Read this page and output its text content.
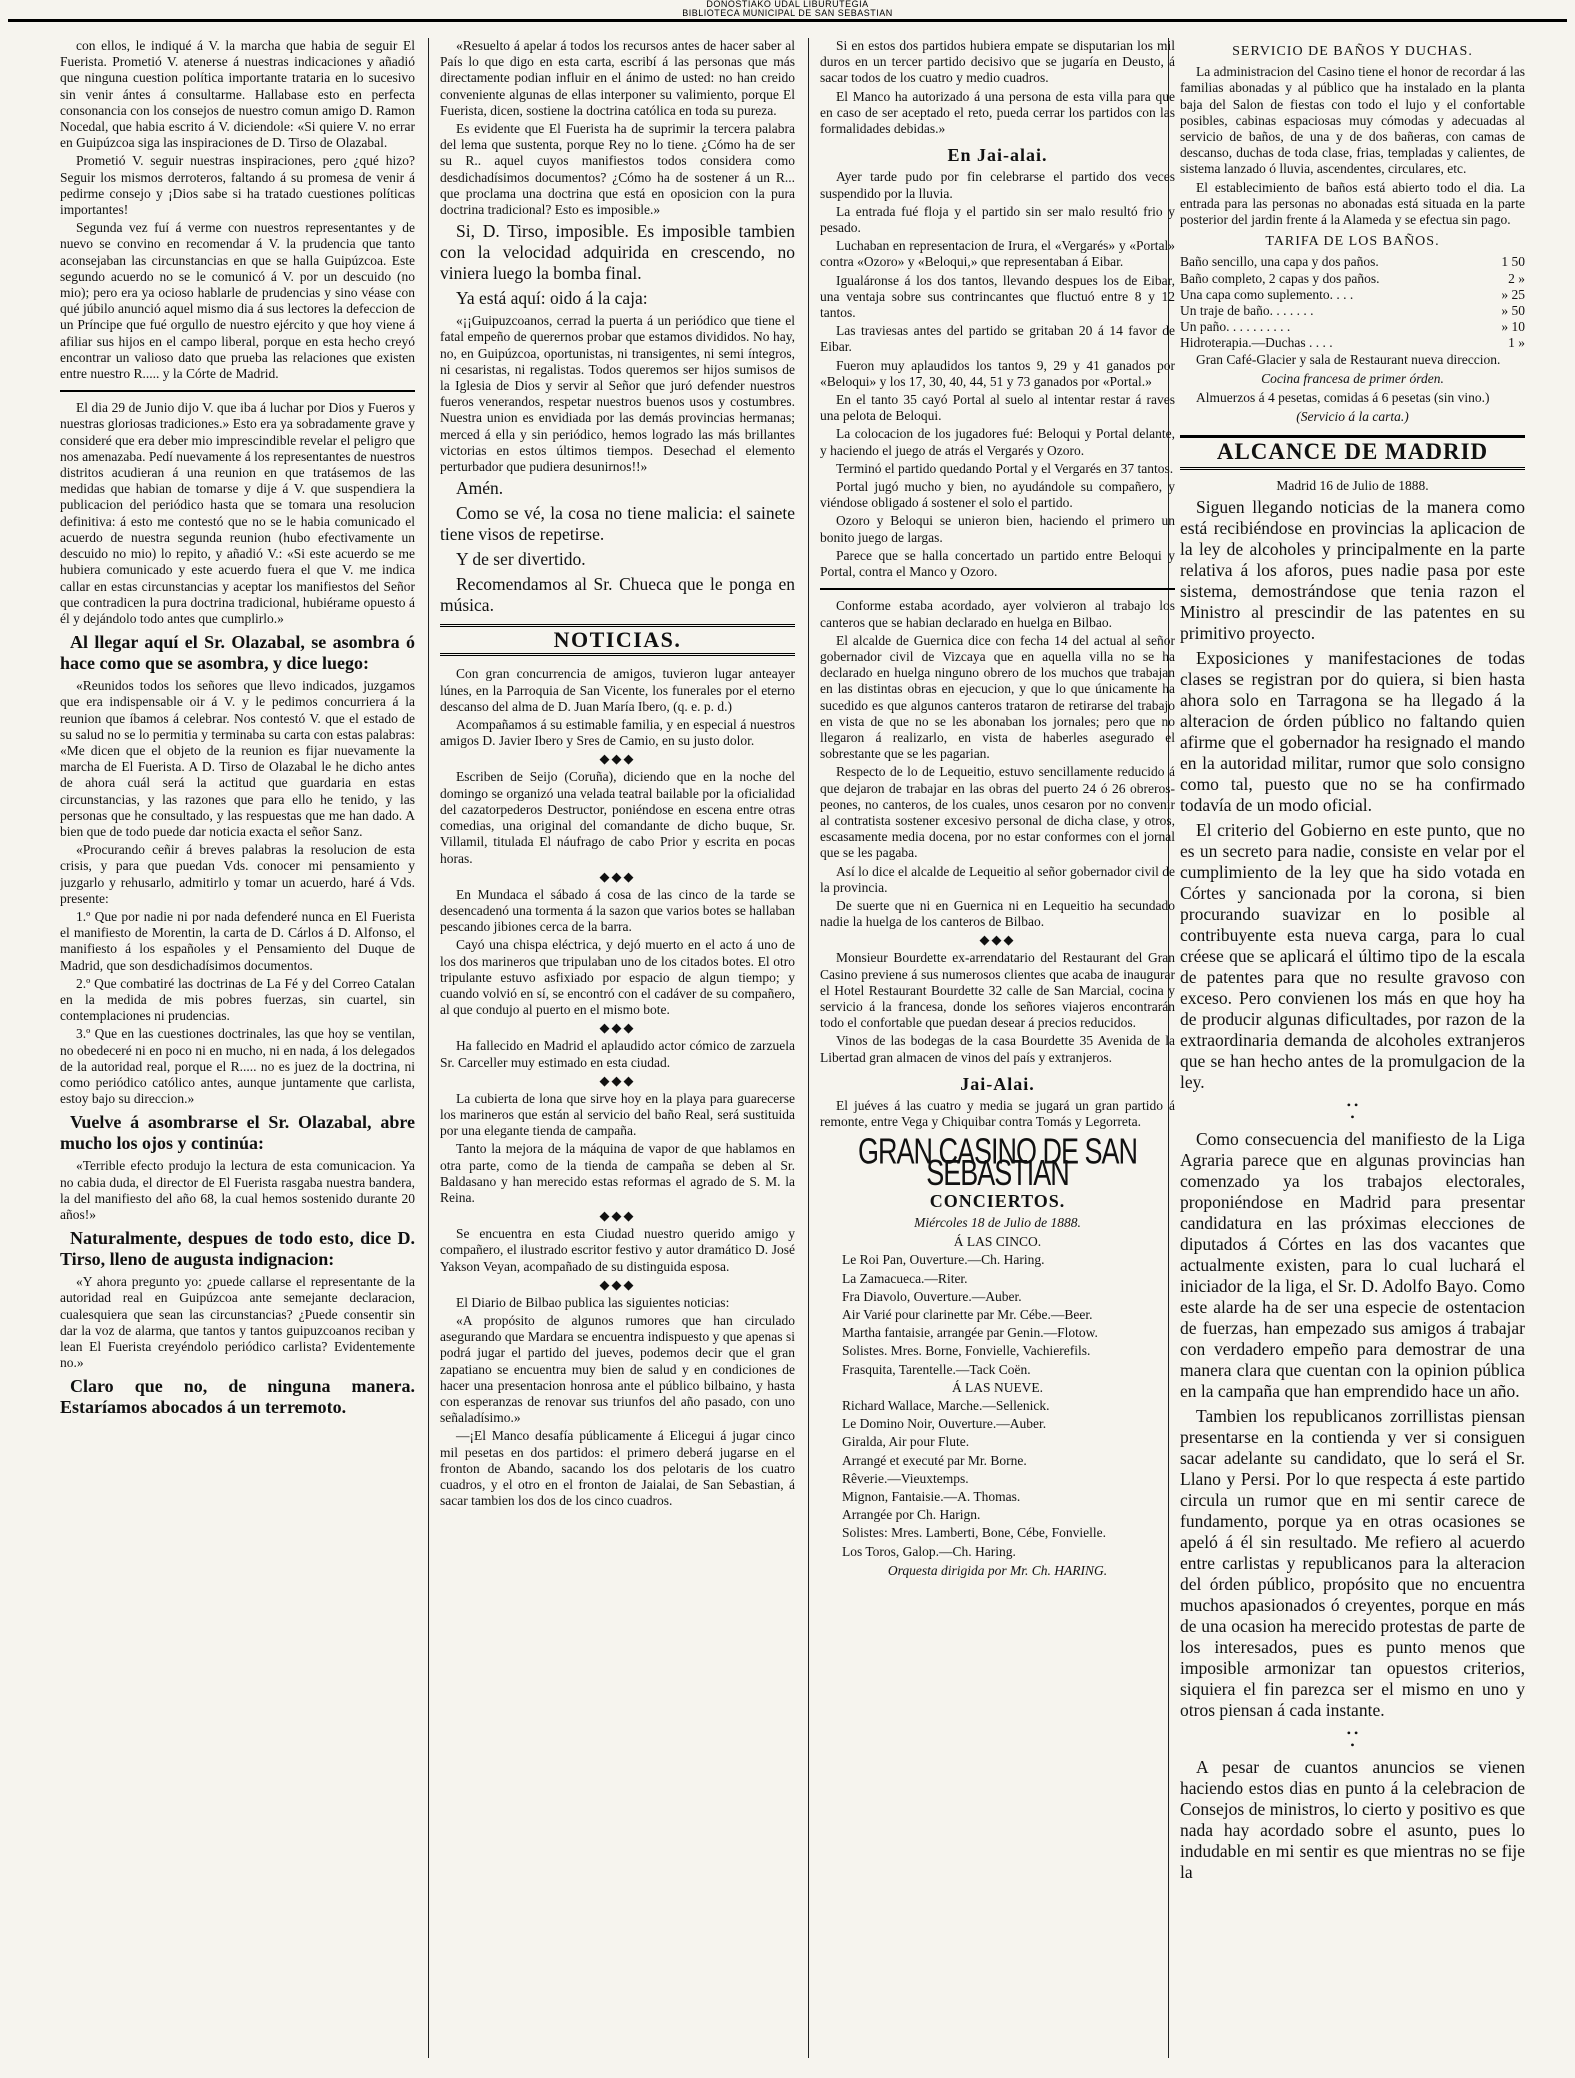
DONOSTIAKO UDAL LIBURUTEGIA
BIBLIOTECA MUNICIPAL DE SAN SEBASTIAN

con ellos, le indiqué á V. la marcha que habia de seguir El Fuerista. Prometió V. atenerse á nuestras indicaciones y añadió que ninguna cuestion política importante trataria en lo sucesivo sin venir ántes á consultarme. Hallabase esto en perfecta consonancia con los consejos de nuestro comun amigo D. Ramon Nocedal, que habia escrito á V. diciendole: «Si quiere V. no errar en Guipúzcoa siga las inspiraciones de D. Tirso de Olazabal.

Prometió V. seguir nuestras inspiraciones, pero ¿qué hizo? Seguir los mismos derroteros, faltando á su promesa de venir á pedirme consejo y ¡Dios sabe si ha tratado cuestiones políticas importantes!

Segunda vez fuí á verme con nuestros representantes y de nuevo se convino en recomendar á V. la prudencia que tanto aconsejaban las circunstancias en que se halla Guipúzcoa. Este segundo acuerdo no se le comunicó á V. por un descuido (no mio); pero era ya ocioso hablarle de prudencias y sino véase con qué júbilo anunció aquel mismo dia á sus lectores la defeccion de un Príncipe que fué orgullo de nuestro ejército y que hoy viene á afiliar sus hijos en el campo liberal, porque en esta hecho creyó encontrar un valioso dato que prueba las relaciones que existen entre nuestro R..... y la Córte de Madrid.

El dia 29 de Junio dijo V. que iba á luchar por Dios y Fueros y nuestras gloriosas tradiciones.» Esto era ya sobradamente grave y consideré que era deber mio imprescindible revelar el peligro que nos amenazaba. Pedí nuevamente á los representantes de nuestros distritos acudieran á una reunion en que tratásemos de las medidas que habian de tomarse y dije á V. que suspendiera la publicacion del periódico hasta que se tomara una resolucion definitiva: á esto me contestó que no se le habia comunicado el acuerdo de nuestra segunda reunion (hubo efectivamente un descuido no mio) lo repito, y añadió V.: «Si este acuerdo se me hubiera comunicado y este acuerdo fuera el que V. me indica callar en estas circunstancias y aceptar los manifiestos del Señor que contradicen la pura doctrina tradicional, hubiérame opuesto á él y dejándolo todo antes que cumplirlo.»

Al llegar aquí el Sr. Olazabal, se asombra ó hace como que se asombra, y dice luego:

«Reunidos todos los señores que llevo indicados, juzgamos que era indispensable oir á V. y le pedimos concurriera á la reunion que íbamos á celebrar. Nos contestó V. que el estado de su salud no se lo permitia y terminaba su carta con estas palabras: «Me dicen que el objeto de la reunion es fijar nuevamente la marcha de El Fuerista. A D. Tirso de Olazabal le he dicho antes de ahora cuál será la actitud que guardaria en estas circunstancias, y las razones que para ello he tenido, y las personas que he consultado, y las respuestas que me han dado. A bien que de todo puede dar noticia exacta el señor Sanz.

«Procurando ceñir á breves palabras la resolucion de esta crisis, y para que puedan Vds. conocer mi pensamiento y juzgarlo y rehusarlo, admitirlo y tomar un acuerdo, haré á Vds. presente:

1.º Que por nadie ni por nada defenderé nunca en El Fuerista el manifiesto de Morentin, la carta de D. Cárlos á D. Alfonso, el manifiesto á los españoles y el Pensamiento del Duque de Madrid, que son desdichadísimos documentos.

2.º Que combatiré las doctrinas de La Fé y del Correo Catalan en la medida de mis pobres fuerzas, sin cuartel, sin contemplaciones ni prudencias.

3.º Que en las cuestiones doctrinales, las que hoy se ventilan, no obedeceré ni en poco ni en mucho, ni en nada, á los delegados de la autoridad real, porque el R..... no es juez de la doctrina, ni como periódico católico antes, aunque juntamente que carlista, estoy bajo su direccion.»

Vuelve á asombrarse el Sr. Olazabal, abre mucho los ojos y continúa:

«Terrible efecto produjo la lectura de esta comunicacion. Ya no cabia duda, el director de El Fuerista rasgaba nuestra bandera, la del manifiesto del año 68, la cual hemos sostenido durante 20 años!»

Naturalmente, despues de todo esto, dice D. Tirso, lleno de augusta indignacion:

«Y ahora pregunto yo: ¿puede callarse el representante de la autoridad real en Guipúzcoa ante semejante declaracion, cualesquiera que sean las circunstancias? ¿Puede consentir sin dar la voz de alarma, que tantos y tantos guipuzcoanos reciban y lean El Fuerista creyéndolo periódico carlista? Evidentemente no.»

Claro que no, de ninguna manera. Estaríamos abocados á un terremoto.

«Resuelto á apelar á todos los recursos antes de hacer saber al País lo que digo en esta carta, escribí á las personas que más directamente podian influir en el ánimo de usted: no han creido conveniente algunas de ellas interponer su valimiento, porque El Fuerista, dicen, sostiene la doctrina católica en toda su pureza.

Es evidente que El Fuerista ha de suprimir la tercera palabra del lema que sustenta, porque Rey no lo tiene. ¿Cómo ha de ser su R.. aquel cuyos manifiestos todos considera como desdichadísimos documentos? ¿Cómo ha de sostener á un R... que proclama una doctrina que está en oposicion con la pura doctrina tradicional? Esto es imposible.»

Si, D. Tirso, imposible. Es imposible tambien con la velocidad adquirida en crescendo, no viniera luego la bomba final.

Ya está aquí: oido á la caja:

«¡¡Guipuzcoanos, cerrad la puerta á un periódico que tiene el fatal empeño de querernos probar que estamos divididos. No hay, no, en Guipúzcoa, oportunistas, ni transigentes, ni semi íntegros, ni cesaristas, ni regalistas. Todos queremos ser hijos sumisos de la Iglesia de Dios y servir al Señor que juró defender nuestros fueros venerandos, respetar nuestros buenos usos y costumbres. Nuestra union es envidiada por las demás provincias hermanas; merced á ella y sin periódico, hemos logrado las más brillantes victorias en estos últimos tiempos. Desechad el elemento perturbador que pudiera desunirnos!!»

Amén.

Como se vé, la cosa no tiene malicia: el sainete tiene visos de repetirse.

Y de ser divertido.

Recomendamos al Sr. Chueca que le ponga en música.

NOTICIAS.

Con gran concurrencia de amigos, tuvieron lugar anteayer lúnes, en la Parroquia de San Vicente, los funerales por el eterno descanso del alma de D. Juan María Ibero, (q. e. p. d.)

Acompañamos á su estimable familia, y en especial á nuestros amigos D. Javier Ibero y Sres de Camio, en su justo dolor.

◆◆◆

Escriben de Seijo (Coruña), diciendo que en la noche del domingo se organizó una velada teatral bailable por la oficialidad del cazatorpederos Destructor, poniéndose en escena entre otras comedias, una original del comandante de dicho buque, Sr. Villamil, titulada El náufrago de cabo Prior y escrita en pocas horas.

◆◆◆

En Mundaca el sábado á cosa de las cinco de la tarde se desencadenó una tormenta á la sazon que varios botes se hallaban pescando jibiones cerca de la barra.

Cayó una chispa eléctrica, y dejó muerto en el acto á uno de los dos marineros que tripulaban uno de los citados botes. El otro tripulante estuvo asfixiado por espacio de algun tiempo; y cuando volvió en sí, se encontró con el cadáver de su compañero, al que condujo al puerto en el mismo bote.

◆◆◆

Ha fallecido en Madrid el aplaudido actor cómico de zarzuela Sr. Carceller muy estimado en esta ciudad.

◆◆◆

La cubierta de lona que sirve hoy en la playa para guarecerse los marineros que están al servicio del baño Real, será sustituida por una elegante tienda de campaña.

Tanto la mejora de la máquina de vapor de que hablamos en otra parte, como de la tienda de campaña se deben al Sr. Baldasano y han merecido estas reformas el agrado de S. M. la Reina.

◆◆◆

Se encuentra en esta Ciudad nuestro querido amigo y compañero, el ilustrado escritor festivo y autor dramático D. José Yakson Veyan, acompañado de su distinguida esposa.

◆◆◆

El Diario de Bilbao publica las siguientes noticias:

«A propósito de algunos rumores que han circulado asegurando que Mardara se encuentra indispuesto y que apenas si podrá jugar el partido del jueves, podemos decir que el gran zapatiano se encuentra muy bien de salud y en condiciones de hacer una presentacion honrosa ante el público bilbaino, y hasta con esperanzas de renovar sus triunfos del año pasado, con uno señaladísimo.»

—¡El Manco desafía públicamente á Elicegui á jugar cinco mil pesetas en dos partidos: el primero deberá jugarse en el fronton de Abando, sacando los dos pelotaris de los cuatro cuadros, y el otro en el fronton de Jaialai, de San Sebastian, á sacar tambien los dos de los cinco cuadros.

Si en estos dos partidos hubiera empate se disputarian los mil duros en un tercer partido decisivo que se jugaría en Deusto, á sacar todos de los cuatro y medio cuadros.

El Manco ha autorizado á una persona de esta villa para que en caso de ser aceptado el reto, pueda cerrar los partidos con las formalidades debidas.»

En Jai-alai.

Ayer tarde pudo por fin celebrarse el partido dos veces suspendido por la lluvia.

La entrada fué floja y el partido sin ser malo resultó frio y pesado.

Luchaban en representacion de Irura, el «Vergarés» y «Portal» contra «Ozoro» y «Beloqui,» que representaban á Eibar.

Igualáronse á los dos tantos, llevando despues los de Eibar, una ventaja sobre sus contrincantes que fluctuó entre 8 y 12 tantos.

Las traviesas antes del partido se gritaban 20 á 14 favor de Eibar.

Fueron muy aplaudidos los tantos 9, 29 y 41 ganados por «Beloqui» y los 17, 30, 40, 44, 51 y 73 ganados por «Portal.»

En el tanto 35 cayó Portal al suelo al intentar restar á raves una pelota de Beloqui.

La colocacion de los jugadores fué: Beloqui y Portal delante, y haciendo el juego de atrás el Vergarés y Ozoro.

Terminó el partido quedando Portal y el Vergarés en 37 tantos.

Portal jugó mucho y bien, no ayudándole su compañero, y viéndose obligado á sostener el solo el partido.

Ozoro y Beloqui se unieron bien, haciendo el primero un bonito juego de largas.

Parece que se halla concertado un partido entre Beloqui y Portal, contra el Manco y Ozoro.

Conforme estaba acordado, ayer volvieron al trabajo los canteros que se habian declarado en huelga en Bilbao.

El alcalde de Guernica dice con fecha 14 del actual al señor gobernador civil de Vizcaya que en aquella villa no se ha declarado en huelga ninguno obrero de los muchos que trabajan en las distintas obras en ejecucion, y que lo que únicamente ha sucedido es que algunos canteros trataron de retirarse del trabajo en vista de que no se les abonaban los jornales; pero que no llegaron á realizarlo, en vista de haberles asegurado el sobrestante que se les pagarian.

Respecto de lo de Lequeitio, estuvo sencillamente reducido á que dejaron de trabajar en las obras del puerto 24 ó 26 obreros-peones, no canteros, de los cuales, unos cesaron por no convenir al contratista sostener excesivo personal de dicha clase, y otros, escasamente media docena, por no estar conformes con el jornal que se les pagaba.

Así lo dice el alcalde de Lequeitio al señor gobernador civil de la provincia.

De suerte que ni en Guernica ni en Lequeitio ha secundado nadie la huelga de los canteros de Bilbao.

◆◆◆

Monsieur Bourdette ex-arrendatario del Restaurant del Gran Casino previene á sus numerosos clientes que acaba de inaugurar el Hotel Restaurant Bourdette 32 calle de San Marcial, cocina y servicio á la francesa, donde los señores viajeros encontrarán todo el confortable que puedan desear á precios reducidos.

Vinos de las bodegas de la casa Bourdette 35 Avenida de la Libertad gran almacen de vinos del país y extranjeros.

Jai-Alai.

El juéves á las cuatro y media se jugará un gran partido á remonte, entre Vega y Chiquibar contra Tomás y Legorreta.

GRAN CASINO DE SAN SEBASTIAN
CONCIERTOS.

Miércoles 18 de Julio de 1888.

Á LAS CINCO.

Le Roi Pan, Ouverture.—Ch. Haring.

La Zamacueca.—Riter.

Fra Diavolo, Ouverture.—Auber.

Air Varié pour clarinette par Mr. Cébe.—Beer.

Martha fantaisie, arrangée par Genin.—Flotow.

Solistes. Mres. Borne, Fonvielle, Vachierefils.

Frasquita, Tarentelle.—Tack Coën.

Á LAS NUEVE.

Richard Wallace, Marche.—Sellenick.

Le Domino Noir, Ouverture.—Auber.

Giralda, Air pour Flute.

Arrangé et executé par Mr. Borne.

Rêverie.—Vieuxtemps.

Mignon, Fantaisie.—A. Thomas.

Arrangée por Ch. Harign.

Solistes: Mres. Lamberti, Bone, Cébe, Fonvielle.

Los Toros, Galop.—Ch. Haring.

Orquesta dirigida por Mr. Ch. HARING.

SERVICIO DE BAÑOS Y DUCHAS.

La administracion del Casino tiene el honor de recordar á las familias abonadas y al público que ha instalado en la planta baja del Salon de fiestas con todo el lujo y el confortable posibles, cabinas espaciosas muy cómodas y adecuadas al servicio de baños, de una y de dos bañeras, con camas de descanso, duchas de toda clase, frias, templadas y calientes, de sistema lanzado ó lluvia, ascendentes, circulares, etc.

El establecimiento de baños está abierto todo el dia. La entrada para las personas no abonadas está situada en la parte posterior del jardin frente á la Alameda y se efectua sin pago.

TARIFA DE LOS BAÑOS.
Baño sencillo, una capa y dos paños.	1 50
Baño completo, 2 capas y dos paños.	2 »
Una capa como suplemento. . . .	» 25
Un traje de baño. . . . . . .	» 50
Un paño. . . . . . . . . .	» 10
Hidroterapia.—Duchas . . . .	1 »

Gran Café-Glacier y sala de Restaurant nueva direccion.

Cocina francesa de primer órden.

Almuerzos á 4 pesetas, comidas á 6 pesetas (sin vino.)

(Servicio á la carta.)

ALCANCE DE MADRID

Madrid 16 de Julio de 1888.

Siguen llegando noticias de la manera como está recibiéndose en provincias la aplicacion de la ley de alcoholes y principalmente en la parte relativa á los aforos, pues nadie pasa por este sistema, demostrándose que tenia razon el Ministro al prescindir de las patentes en su primitivo proyecto.

Exposiciones y manifestaciones de todas clases se registran por do quiera, si bien hasta ahora solo en Tarragona se ha llegado á la alteracion de órden público no faltando quien afirme que el gobernador ha resignado el mando en la autoridad militar, rumor que solo consigno como tal, puesto que no se ha confirmado todavía de un modo oficial.

El criterio del Gobierno en este punto, que no es un secreto para nadie, consiste en velar por el cumplimiento de la ley que ha sido votada en Córtes y sancionada por la corona, si bien procurando suavizar en lo posible al contribuyente esta nueva carga, para lo cual créese que se aplicará el último tipo de la escala de patentes para que no resulte gravoso con exceso. Pero convienen los más en que hoy ha de producir algunas dificultades, por razon de la extraordinaria demanda de alcoholes extranjeros que se han hecho antes de la promulgacion de la ley.

• •
•

Como consecuencia del manifiesto de la Liga Agraria parece que en algunas provincias han comenzado ya los trabajos electorales, proponiéndose en Madrid para presentar candidatura en las próximas elecciones de diputados á Córtes en las dos vacantes que actualmente existen, para lo cual luchará el iniciador de la liga, el Sr. D. Adolfo Bayo. Como este alarde ha de ser una especie de ostentacion de fuerzas, han empezado sus amigos á trabajar con verdadero empeño para demostrar de una manera clara que cuentan con la opinion pública en la campaña que han emprendido hace un año.

Tambien los republicanos zorrillistas piensan presentarse en la contienda y ver si consiguen sacar adelante su candidato, que lo será el Sr. Llano y Persi. Por lo que respecta á este partido circula un rumor que en mi sentir carece de fundamento, porque ya en otras ocasiones se apeló á él sin resultado. Me refiero al acuerdo entre carlistas y republicanos para la alteracion del órden público, propósito que no encuentra muchos apasionados ó creyentes, porque en más de una ocasion ha merecido protestas de parte de los interesados, pues es punto menos que imposible armonizar tan opuestos criterios, siquiera el fin parezca ser el mismo en uno y otros piensan á cada instante.

• •
•

A pesar de cuantos anuncios se vienen haciendo estos dias en punto á la celebracion de Consejos de ministros, lo cierto y positivo es que nada hay acordado sobre el asunto, pues lo indudable en mi sentir es que mientras no se fije la
